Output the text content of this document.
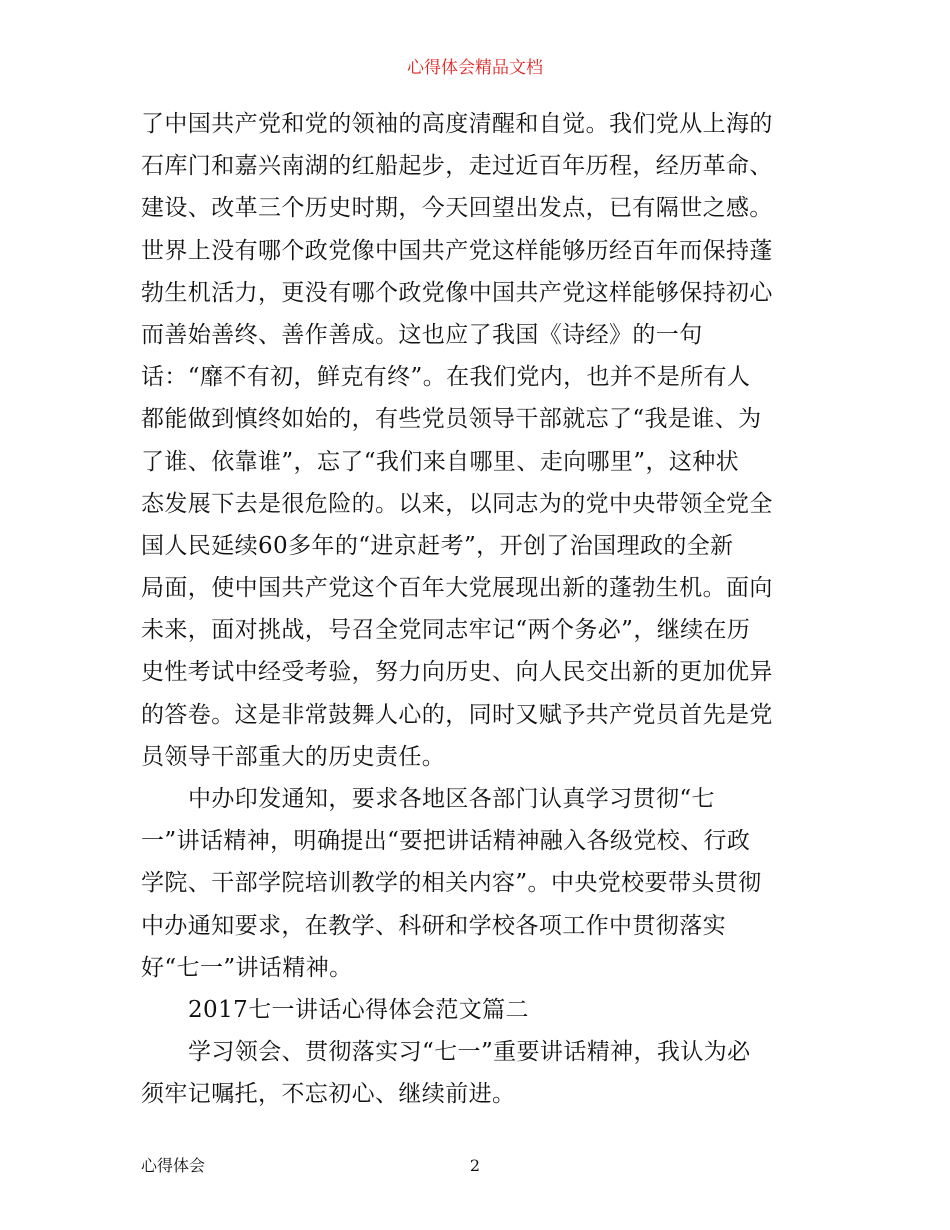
心得体会精品文档
了中国共产党和党的领袖的高度清醒和自觉。我们党从上海的
石库门和嘉兴南湖的红船起步，走过近百年历程，经历革命、
建设、改革三个历史时期，今天回望出发点，已有隔世之感。
世界上没有哪个政党像中国共产党这样能够历经百年而保持蓬
勃生机活力，更没有哪个政党像中国共产党这样能够保持初心
而善始善终、善作善成。这也应了我国《诗经》的一句
话：“靡不有初，鲜克有终”。在我们党内，也并不是所有人
都能做到慎终如始的，有些党员领导干部就忘了“我是谁、为
了谁、依靠谁”，忘了“我们来自哪里、走向哪里”，这种状
态发展下去是很危险的。以来，以同志为的党中央带领全党全
国人民延续60多年的“进京赶考”，开创了治国理政的全新
局面，使中国共产党这个百年大党展现出新的蓬勃生机。面向
未来，面对挑战，号召全党同志牢记“两个务必”，继续在历
史性考试中经受考验，努力向历史、向人民交出新的更加优异
的答卷。这是非常鼓舞人心的，同时又赋予共产党员首先是党
员领导干部重大的历史责任。
中办印发通知，要求各地区各部门认真学习贯彻“七
一”讲话精神，明确提出“要把讲话精神融入各级党校、行政
学院、干部学院培训教学的相关内容”。中央党校要带头贯彻
中办通知要求，在教学、科研和学校各项工作中贯彻落实
好“七一”讲话精神。
2017七一讲话心得体会范文篇二
学习领会、贯彻落实习“七一”重要讲话精神，我认为必
须牢记嘱托，不忘初心、继续前进。
心得体会	2
